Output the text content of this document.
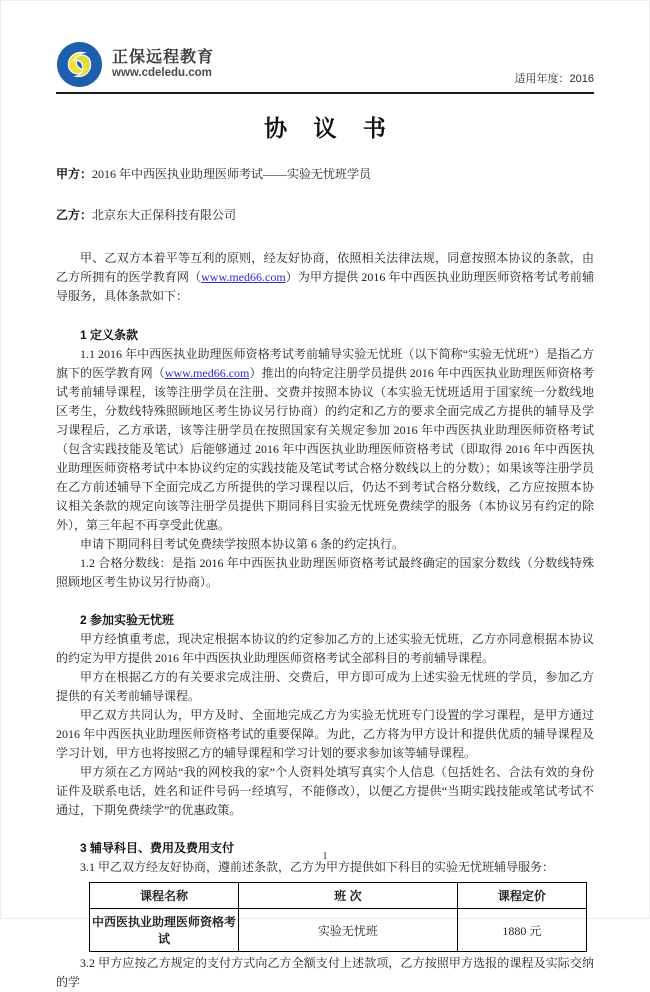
正保远程教育
www.cdeledu.com	适用年度：2016
协 议 书
甲方：2016 年中西医执业助理医师考试——实验无忧班学员
乙方：北京东大正保科技有限公司

甲、乙双方本着平等互利的原则，经友好协商，依照相关法律法规，同意按照本协议的条款，由乙方所拥有的医学教育网（www.med66.com）为甲方提供 2016 年中西医执业助理医师资格考试考前辅导服务，具体条款如下：

1 定义条款

1.1 2016 年中西医执业助理医师资格考试考前辅导实验无忧班（以下简称“实验无忧班”）是指乙方旗下的医学教育网（www.med66.com）推出的向特定注册学员提供 2016 年中西医执业助理医师资格考试考前辅导课程，该等注册学员在注册、交费并按照本协议（本实验无忧班适用于国家统一分数线地区考生，分数线特殊照顾地区考生协议另行协商）的约定和乙方的要求全面完成乙方提供的辅导及学习课程后，乙方承诺，该等注册学员在按照国家有关规定参加 2016 年中西医执业助理医师资格考试（包含实践技能及笔试）后能够通过 2016 年中西医执业助理医师资格考试（即取得 2016 年中西医执业助理医师资格考试中本协议约定的实践技能及笔试考试合格分数线以上的分数）；如果该等注册学员在乙方前述辅导下全面完成乙方所提供的学习课程以后，仍达不到考试合格分数线，乙方应按照本协议相关条款的规定向该等注册学员提供下期同科目实验无忧班免费续学的服务（本协议另有约定的除外），第三年起不再享受此优惠。

申请下期同科目考试免费续学按照本协议第 6 条的约定执行。

1.2 合格分数线：是指 2016 年中西医执业助理医师资格考试最终确定的国家分数线（分数线特殊照顾地区考生协议另行协商）。

2 参加实验无忧班

甲方经慎重考虑，现决定根据本协议的约定参加乙方的上述实验无忧班，乙方亦同意根据本协议的约定为甲方提供 2016 年中西医执业助理医师资格考试全部科目的考前辅导课程。

甲方在根据乙方的有关要求完成注册、交费后，甲方即可成为上述实验无忧班的学员，参加乙方提供的有关考前辅导课程。

甲乙双方共同认为，甲方及时、全面地完成乙方为实验无忧班专门设置的学习课程，是甲方通过 2016 年中西医执业助理医师资格考试的重要保障。为此，乙方将为甲方设计和提供优质的辅导课程及学习计划，甲方也将按照乙方的辅导课程和学习计划的要求参加该等辅导课程。

甲方须在乙方网站“我的网校我的家”个人资料处填写真实个人信息（包括姓名、合法有效的身份证件及联系电话，姓名和证件号码一经填写，不能修改），以便乙方提供“当期实践技能或笔试考试不通过，下期免费续学”的优惠政策。

3 辅导科目、费用及费用支付

3.1 甲乙双方经友好协商，遵前述条款，乙方为甲方提供如下科目的实验无忧班辅导服务：

课程名称	班 次	课程定价
中西医执业助理医师资格考试	实验无忧班	1880 元

3.2 甲方应按乙方规定的支付方式向乙方全额支付上述款项，乙方按照甲方选报的课程及实际交纳的学

1
